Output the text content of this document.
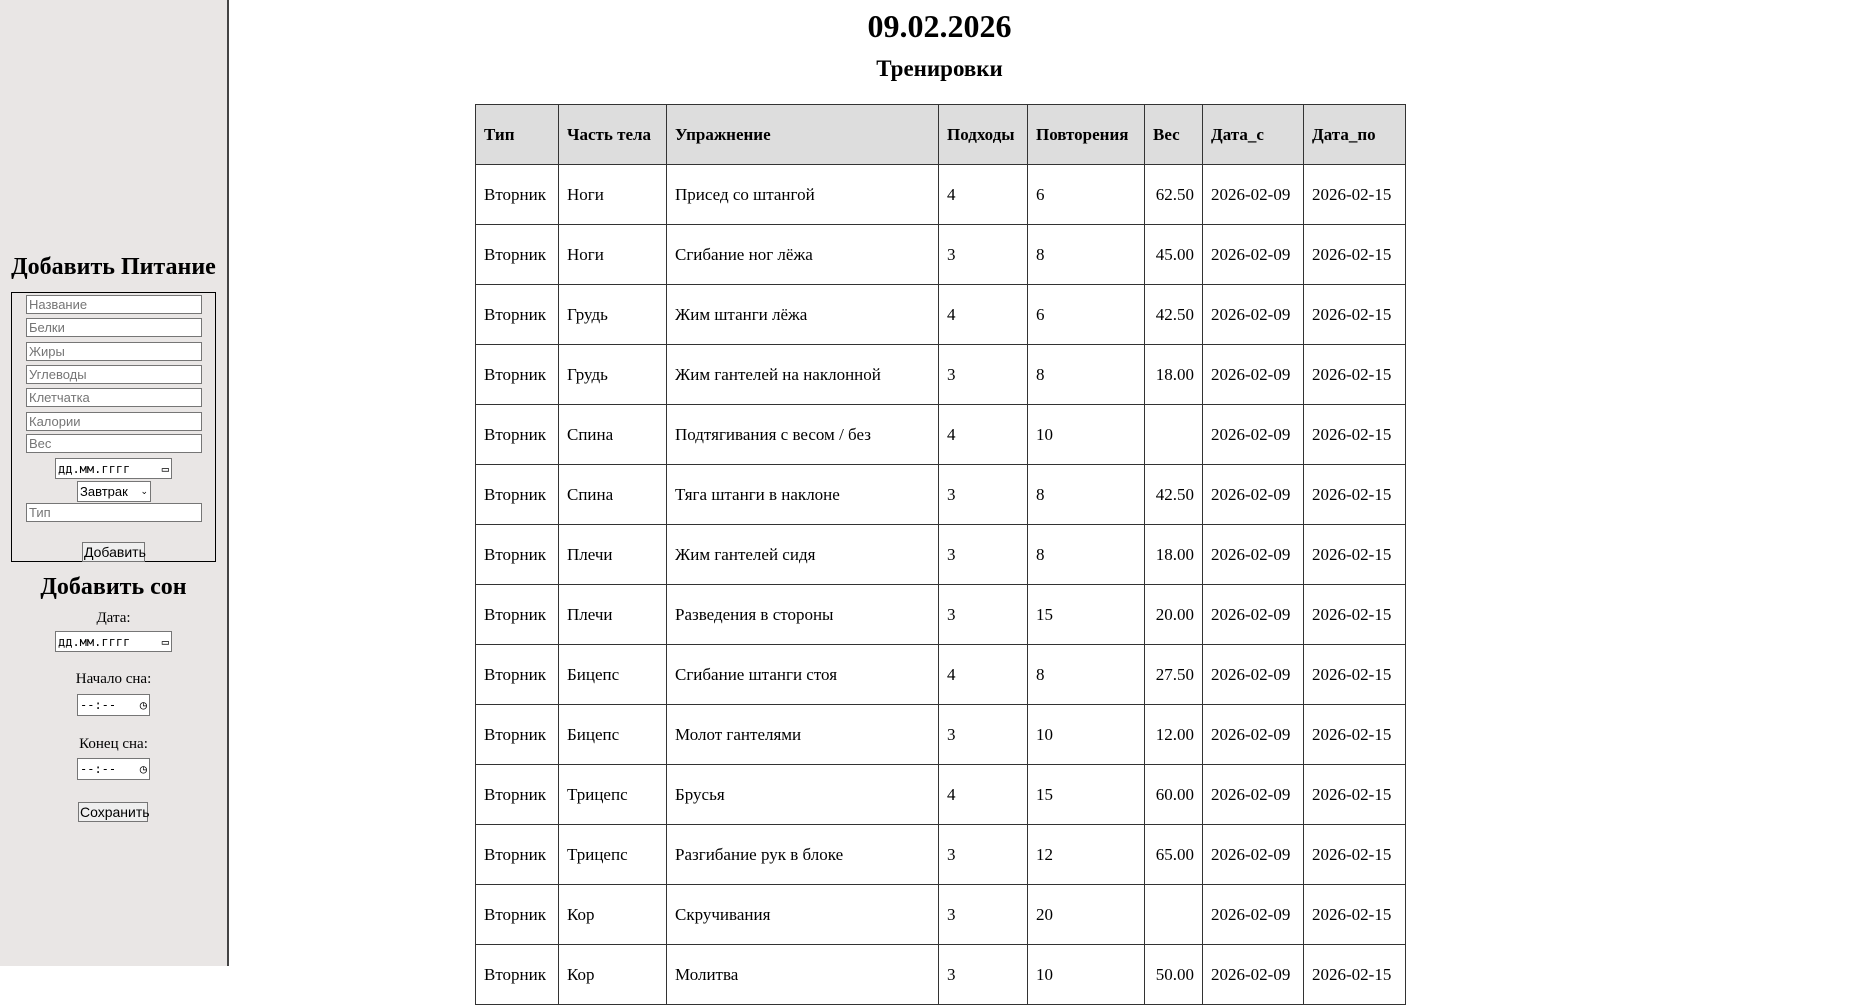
Добавить Питание
Название
Белки
Жиры
Углеводы
Клетчатка
Калории
Вес
дд.мм.гггг	▭
Завтрак ⌄
Тип
Добавить
Добавить сон
Дата:
дд.мм.гггг	▭
Начало сна:
--:-- ◷
Конец сна:
--:-- ◷
Сохранить
09.02.2026
Тренировки
Тип	Часть тела	Упражнение	Подходы	Повторения	Вес	Дата_с	Дата_по
Вторник	Ноги	Присед со штангой	4	6	62.50	2026-02-09	2026-02-15
Вторник	Ноги	Сгибание ног лёжа	3	8	45.00	2026-02-09	2026-02-15
Вторник	Грудь	Жим штанги лёжа	4	6	42.50	2026-02-09	2026-02-15
Вторник	Грудь	Жим гантелей на наклонной	3	8	18.00	2026-02-09	2026-02-15
Вторник	Спина	Подтягивания с весом / без	4	10		2026-02-09	2026-02-15
Вторник	Спина	Тяга штанги в наклоне	3	8	42.50	2026-02-09	2026-02-15
Вторник	Плечи	Жим гантелей сидя	3	8	18.00	2026-02-09	2026-02-15
Вторник	Плечи	Разведения в стороны	3	15	20.00	2026-02-09	2026-02-15
Вторник	Бицепс	Сгибание штанги стоя	4	8	27.50	2026-02-09	2026-02-15
Вторник	Бицепс	Молот гантелями	3	10	12.00	2026-02-09	2026-02-15
Вторник	Трицепс	Брусья	4	15	60.00	2026-02-09	2026-02-15
Вторник	Трицепс	Разгибание рук в блоке	3	12	65.00	2026-02-09	2026-02-15
Вторник	Кор	Скручивания	3	20		2026-02-09	2026-02-15
Вторник	Кор	Молитва	3	10	50.00	2026-02-09	2026-02-15
